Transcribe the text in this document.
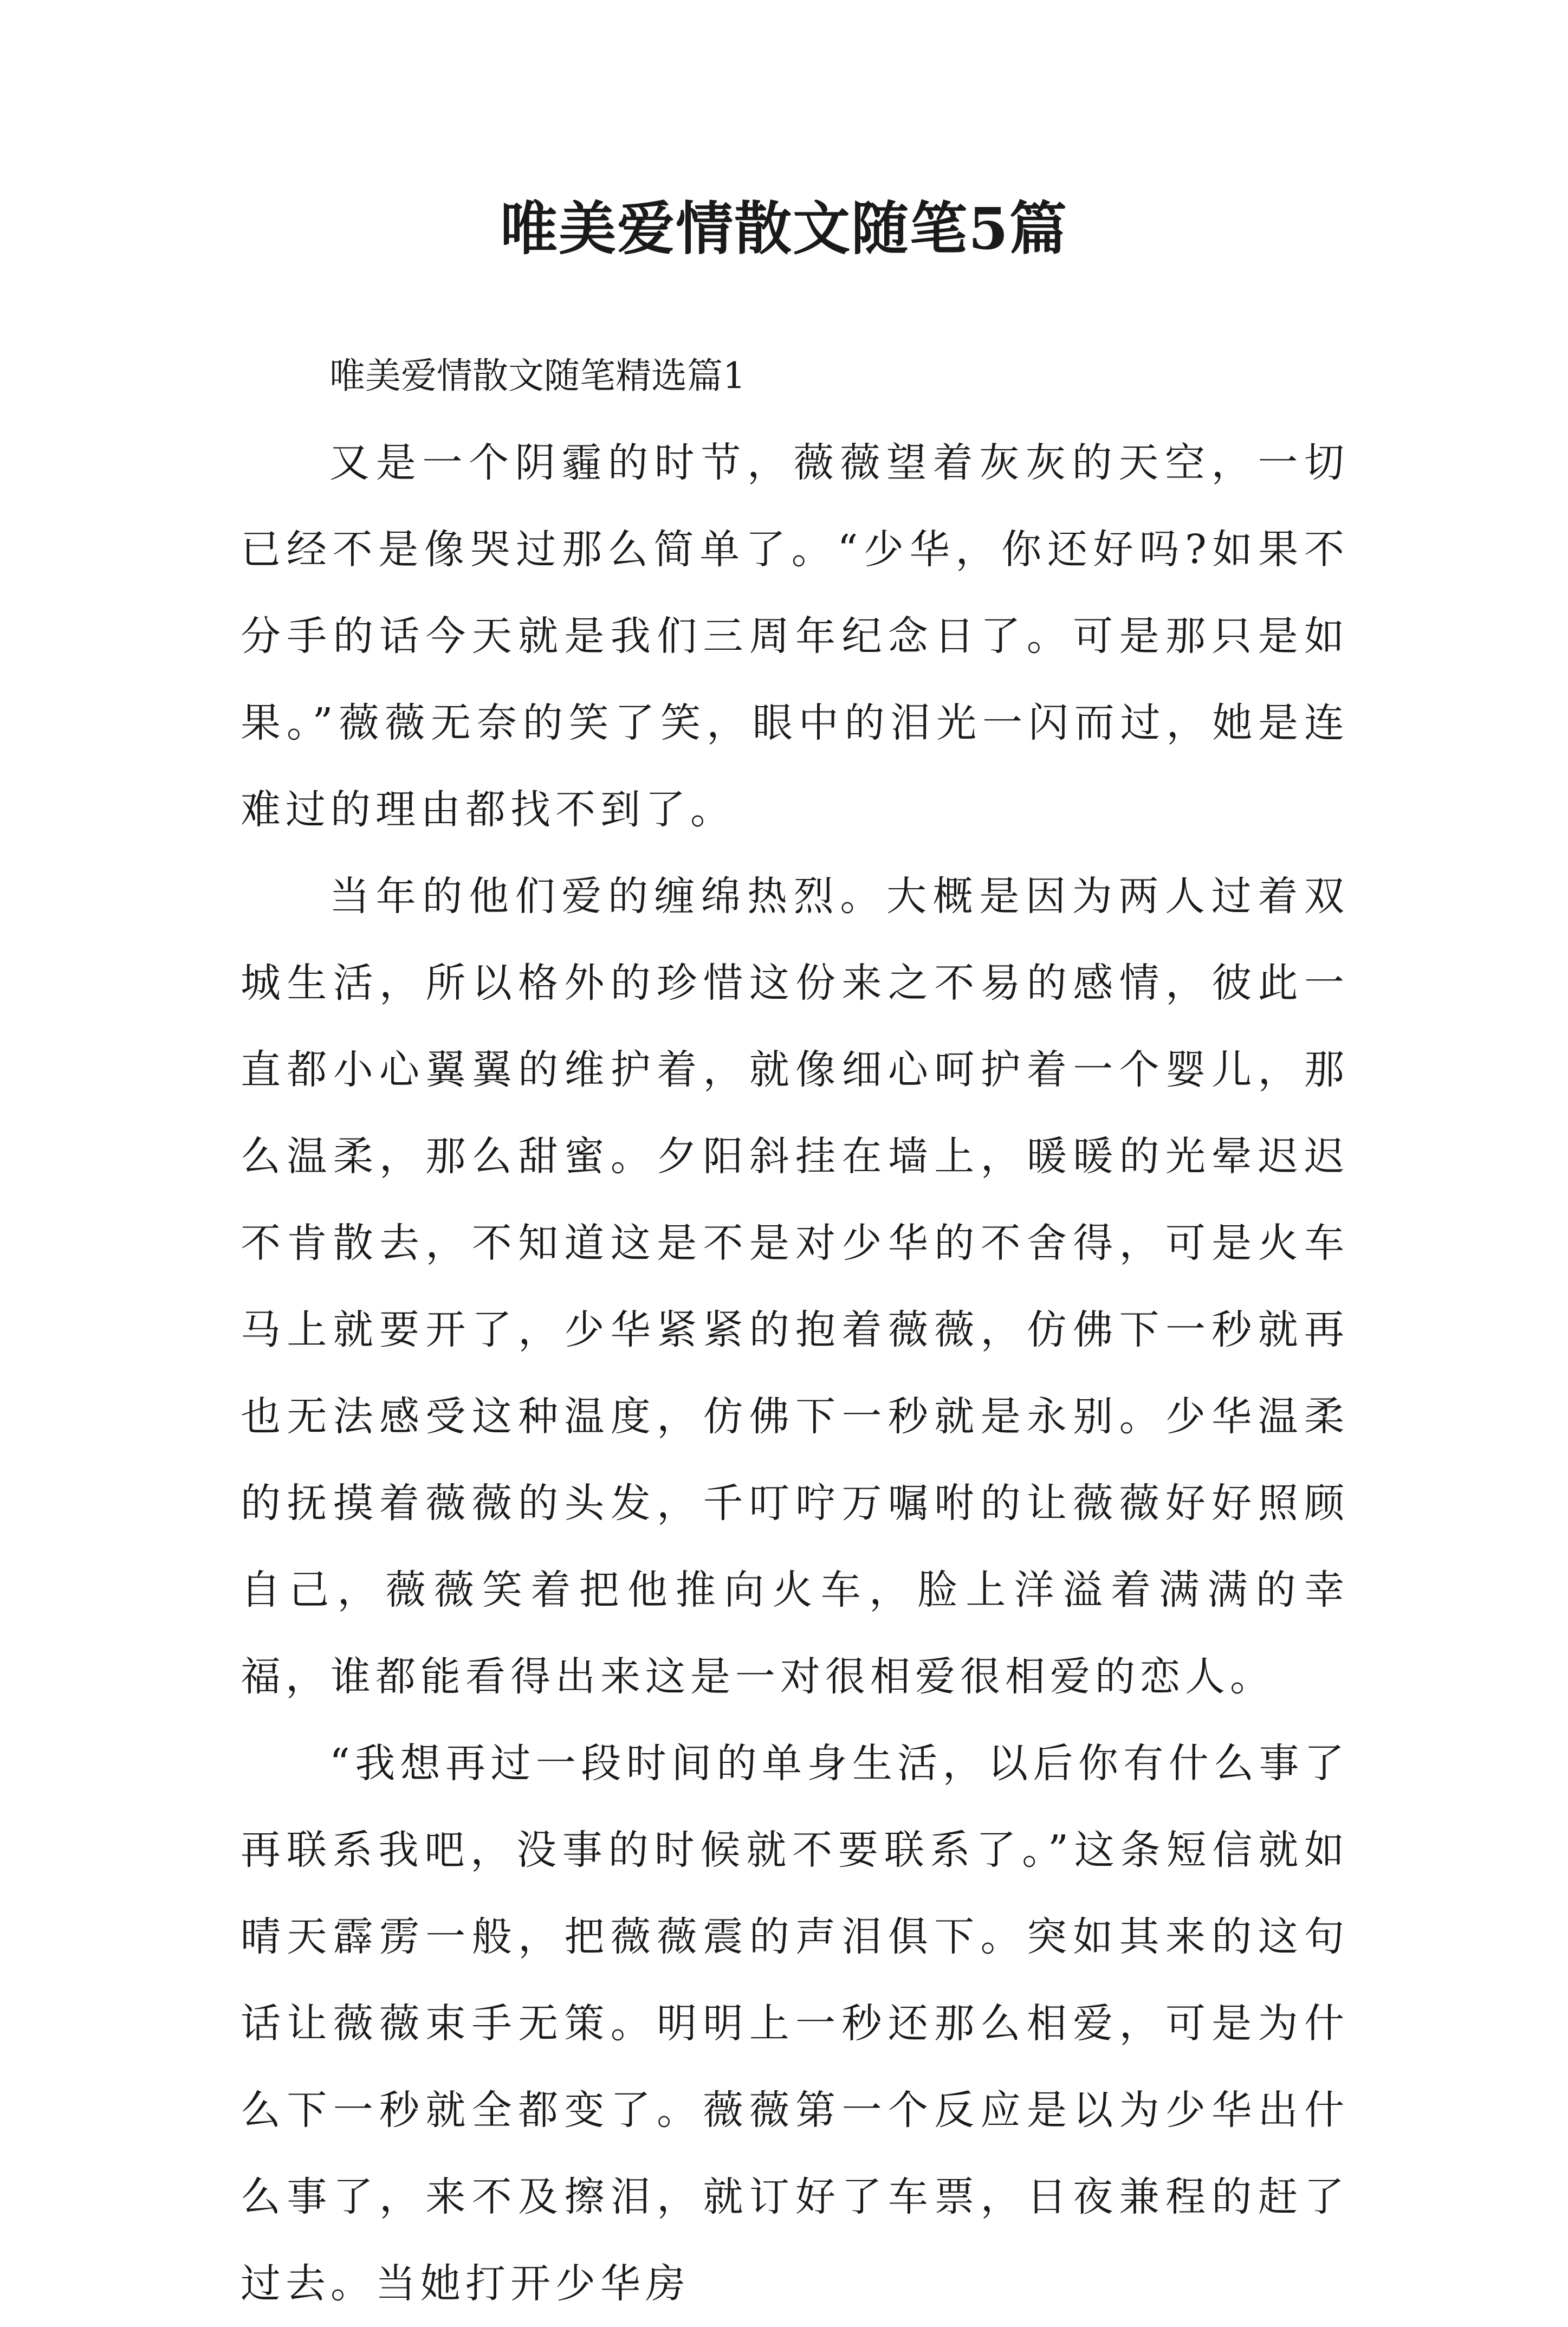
唯美爱情散文随笔5篇

唯美爱情散文随笔精选篇1

又是一个阴霾的时节，薇薇望着灰灰的天空，一切已经不是像哭过那么简单了。“少华，你还好吗?如果不分手的话今天就是我们三周年纪念日了。可是那只是如果。”薇薇无奈的笑了笑，眼中的泪光一闪而过，她是连难过的理由都找不到了。

当年的他们爱的缠绵热烈。大概是因为两人过着双城生活，所以格外的珍惜这份来之不易的感情，彼此一直都小心翼翼的维护着，就像细心呵护着一个婴儿，那么温柔，那么甜蜜。夕阳斜挂在墙上，暖暖的光晕迟迟不肯散去，不知道这是不是对少华的不舍得，可是火车马上就要开了，少华紧紧的抱着薇薇，仿佛下一秒就再也无法感受这种温度，仿佛下一秒就是永别。少华温柔的抚摸着薇薇的头发，千叮咛万嘱咐的让薇薇好好照顾自己，薇薇笑着把他推向火车，脸上洋溢着满满的幸福，谁都能看得出来这是一对很相爱很相爱的恋人。

“我想再过一段时间的单身生活，以后你有什么事了再联系我吧，没事的时候就不要联系了。”这条短信就如晴天霹雳一般，把薇薇震的声泪俱下。突如其来的这句话让薇薇束手无策。明明上一秒还那么相爱，可是为什么下一秒就全都变了。薇薇第一个反应是以为少华出什么事了，来不及擦泪，就订好了车票，日夜兼程的赶了过去。当她打开少华房
